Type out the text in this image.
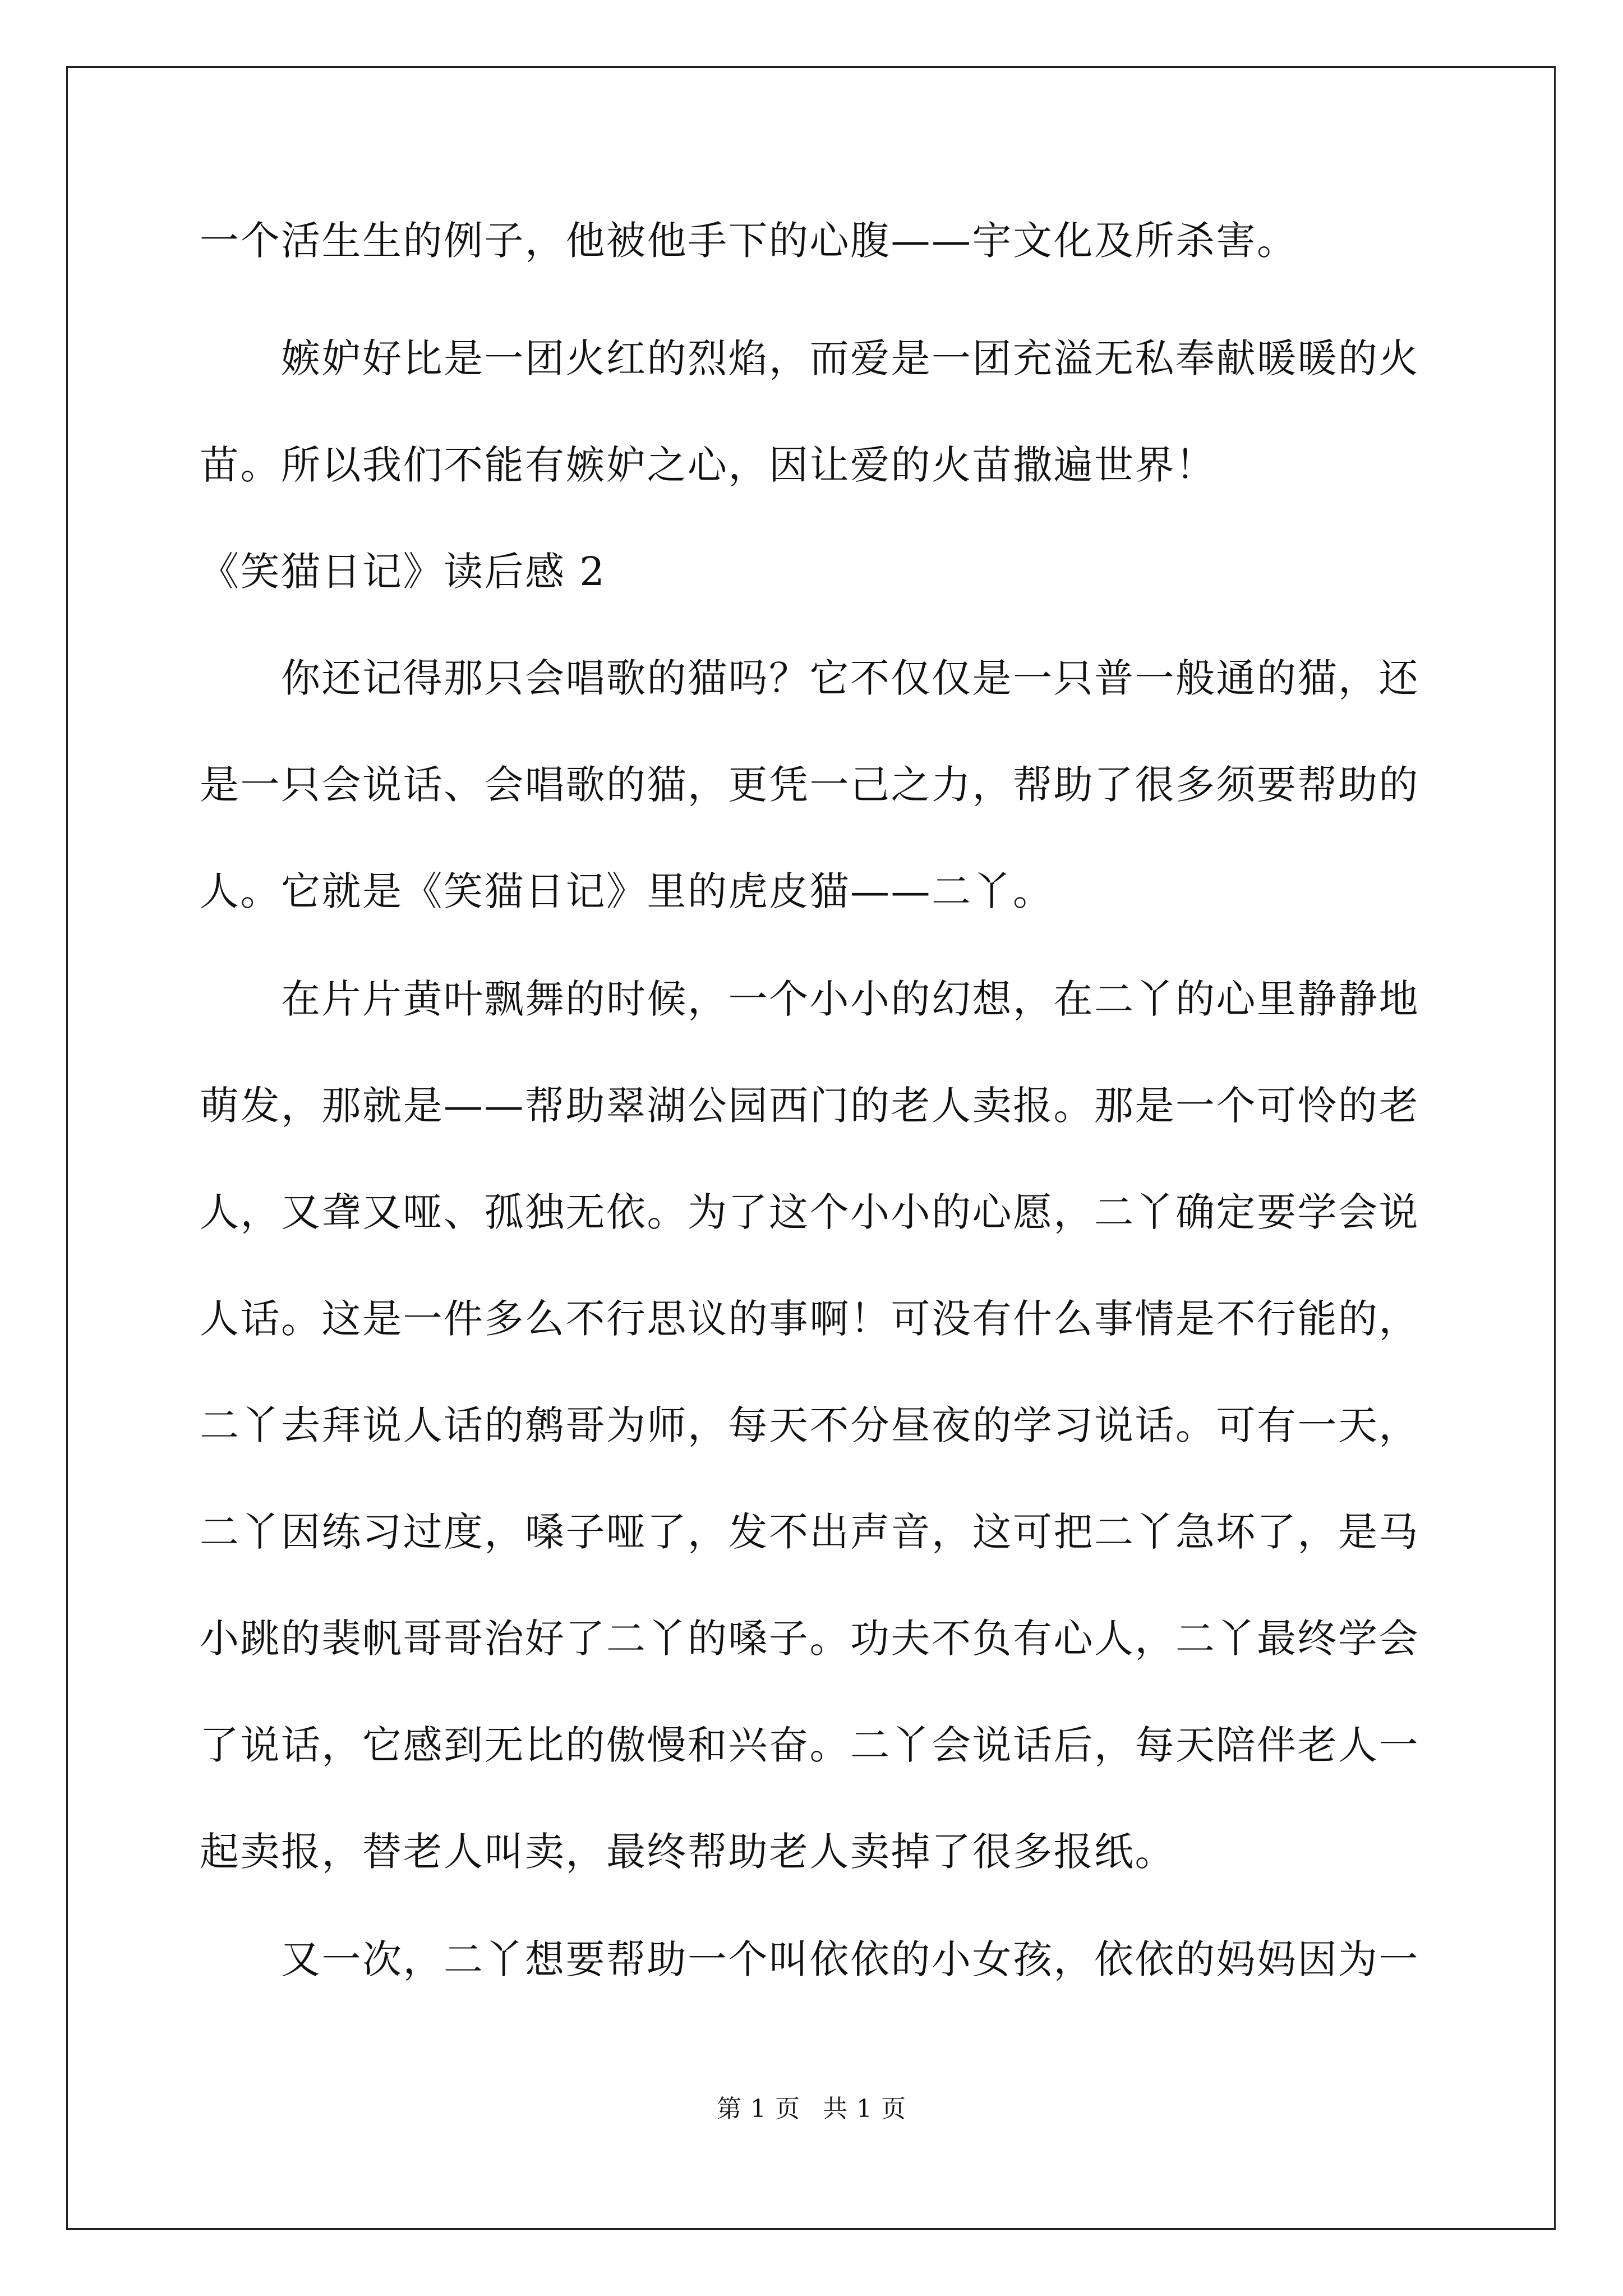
一个活生生的例子，他被他手下的心腹——宇文化及所杀害。
嫉妒好比是一团火红的烈焰，而爱是一团充溢无私奉献暖暖的火
苗。所以我们不能有嫉妒之心，因让爱的火苗撒遍世界！
《笑猫日记》读后感 2
你还记得那只会唱歌的猫吗？它不仅仅是一只普一般通的猫，还
是一只会说话、会唱歌的猫，更凭一己之力，帮助了很多须要帮助的
人。它就是《笑猫日记》里的虎皮猫——二丫。
在片片黄叶飘舞的时候，一个小小的幻想，在二丫的心里静静地
萌发，那就是——帮助翠湖公园西门的老人卖报。那是一个可怜的老
人，又聋又哑、孤独无依。为了这个小小的心愿，二丫确定要学会说
人话。这是一件多么不行思议的事啊！可没有什么事情是不行能的，
二丫去拜说人话的鹩哥为师，每天不分昼夜的学习说话。可有一天，
二丫因练习过度，嗓子哑了，发不出声音，这可把二丫急坏了，是马
小跳的裴帆哥哥治好了二丫的嗓子。功夫不负有心人，二丫最终学会
了说话，它感到无比的傲慢和兴奋。二丫会说话后，每天陪伴老人一
起卖报，替老人叫卖，最终帮助老人卖掉了很多报纸。
又一次，二丫想要帮助一个叫依依的小女孩，依依的妈妈因为一
第 1 页 共 1 页
